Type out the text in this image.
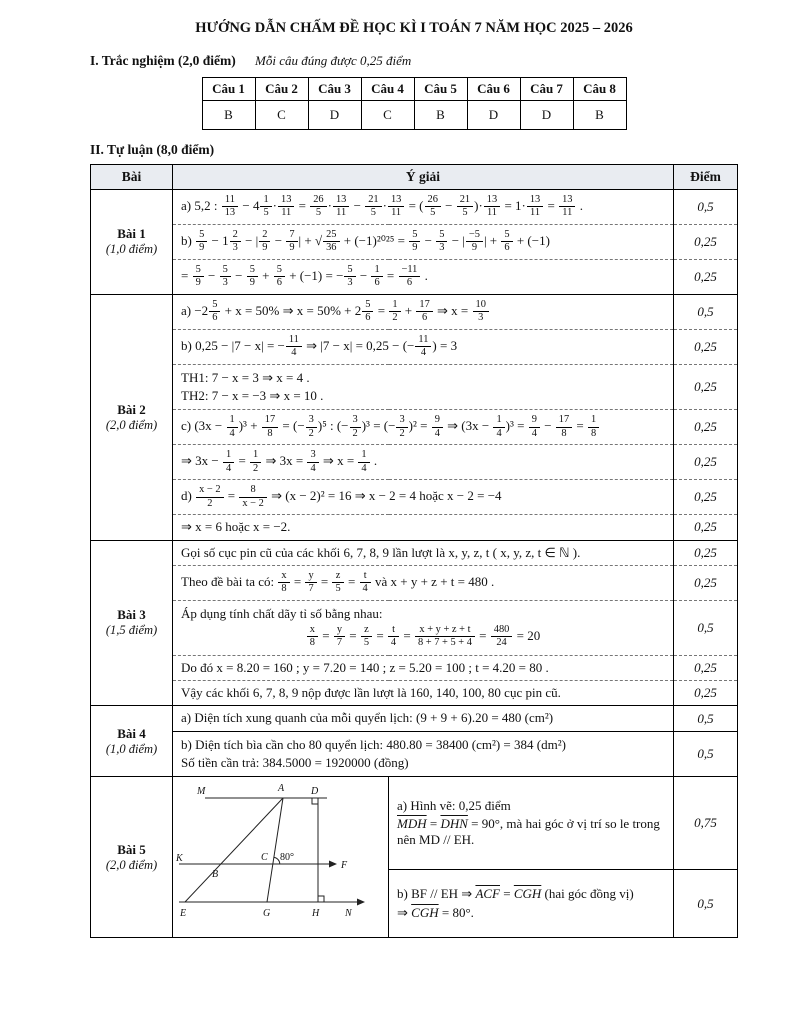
HƯỚNG DẪN CHẤM ĐỀ HỌC KÌ I TOÁN 7 NĂM HỌC 2025 – 2026
I. Trắc nghiệm (2,0 điểm) Mỗi câu đúng được 0,25 điểm
Câu 1	Câu 2	Câu 3	Câu 4	Câu 5	Câu 6	Câu 7	Câu 8
B	C	D	C	B	D	D	B
II. Tự luận (8,0 điểm)
Bài	Ý giải		Điểm

Bài 1
(1,0 điểm)
	a) 5,2 : $\frac{11}{13} - 4 \frac{1}{5} \cdot \frac{13}{11} = \frac{26}{5} \cdot \frac{13}{11} - \frac{21}{5} \cdot \frac{13}{11}$ = ( $\frac{26}{5} - \frac{21}{5}$ )· $\frac{13}{11} = 1\cdot \frac{13}{11} = \frac{13}{11}$ .	0,5
$b) \frac{5}{9} - 1 \frac{2}{3}$ − | $\frac{2}{9} - \frac{7}{9}$ | + √ $\frac{25}{36} + (-1)^{2025} = \frac{5}{9} - \frac{5}{3}$ − | $\frac{-5}{9}$ | + $\frac{5}{6} + (-1)$	0,25
= $\frac{5}{9} - \frac{5}{3} - \frac{5}{9} + \frac{5}{6} + (-1)$ = − $\frac{5}{3} - \frac{1}{6} = \frac{-11}{6}$ .	0,25

Bài 2
(2,0 điểm)
	$a) -2 \frac{5}{6} + x = 50\%$ ⇒ $x = 50\% + 2 \frac{5}{6} = \frac{1}{2} + \frac{17}{6}$ ⇒ $x = \frac{10}{3}$	0,5
b) 0,25 − |7 − x| = − $\frac{11}{4}$ ⇒ |7 − x| = 0,25 − (− $\frac{11}{4}$ ) = 3	0,25

	TH1: 7 − x = 3 ⇒ x = 4 .
TH2: 7 − x = −3 ⇒ x = 10 .		0,25
c) $(3x - \frac{1}{4} )^3 + \frac{17}{8}$ = (− $\frac{3}{2} )^5$ : (− $\frac{3}{2} )^3$ = (− $\frac{3}{2} )^2 = \frac{9}{4}$ ⇒ $(3x - \frac{1}{4} )^3 = \frac{9}{4} - \frac{17}{8} = \frac{1}{8}$	0,25
⇒ $3x - \frac{1}{4} = \frac{1}{2}$ ⇒ $3x = \frac{3}{4}$ ⇒ $x = \frac{1}{4}$ .	0,25
$d) \frac{x - 2}{2} = \frac{8}{x - 2}$ ⇒ (x − 2)² = 16 ⇒ x − 2 = 4 hoặc x − 2 = −4	0,25
	⇒ x = 6 hoặc x = −2.		0,25

Bài 3
(1,5 điểm)	Gọi số cục pin cũ của các khối 6, 7, 8, 9 lần lượt là x, y, z, t ( x, y, z, t ∈ ℕ ).		0,25
Theo đề bài ta có: $\frac{x}{8} = \frac{y}{7} = \frac{z}{5} = \frac{t}{4}$ và x + y + z + t = 480 .	0,25

Áp dụng tính chất dãy tỉ số bằng nhau:
$\frac{x}{8} = \frac{y}{7} = \frac{z}{5} = \frac{t}{4} = \frac{x + y + z + t}{8 + 7 + 5 + 4} = \frac{480}{24} = 20$
	0,5
	Do đó x = 8.20 = 160 ; y = 7.20 = 140 ; z = 5.20 = 100 ; t = 4.20 = 80 .		0,25
	Vậy các khối 6, 7, 8, 9 nộp được lần lượt là 160, 140, 100, 80 cục pin cũ.		0,25

Bài 4
(1,0 điểm)	a) Diện tích xung quanh của mỗi quyển lịch: (9 + 9 + 6).20 = 480 (cm²)		0,5

	b) Diện tích bìa cần cho 80 quyển lịch: 480.80 = 38400 (cm²) = 384 (dm²)
Số tiền cần trả: 384.5000 = 1920000 (đồng)		0,5

Bài 5
(2,0 điểm)

M	A	D
K
B
C 80°
F
E	G	H	N

a) Hình vẽ: 0,25 điểm
$\overline{MDH} = \overline{DHN} = 90^\circ$, mà hai góc ở vị trí so le trong nên MD // EH.
	0,75

		b) BF // EH ⇒ $\overline{ACF} = \overline{CGH}$ (hai góc đồng vị)
⇒ $\overline{CGH} = 80^\circ$.	0,5
